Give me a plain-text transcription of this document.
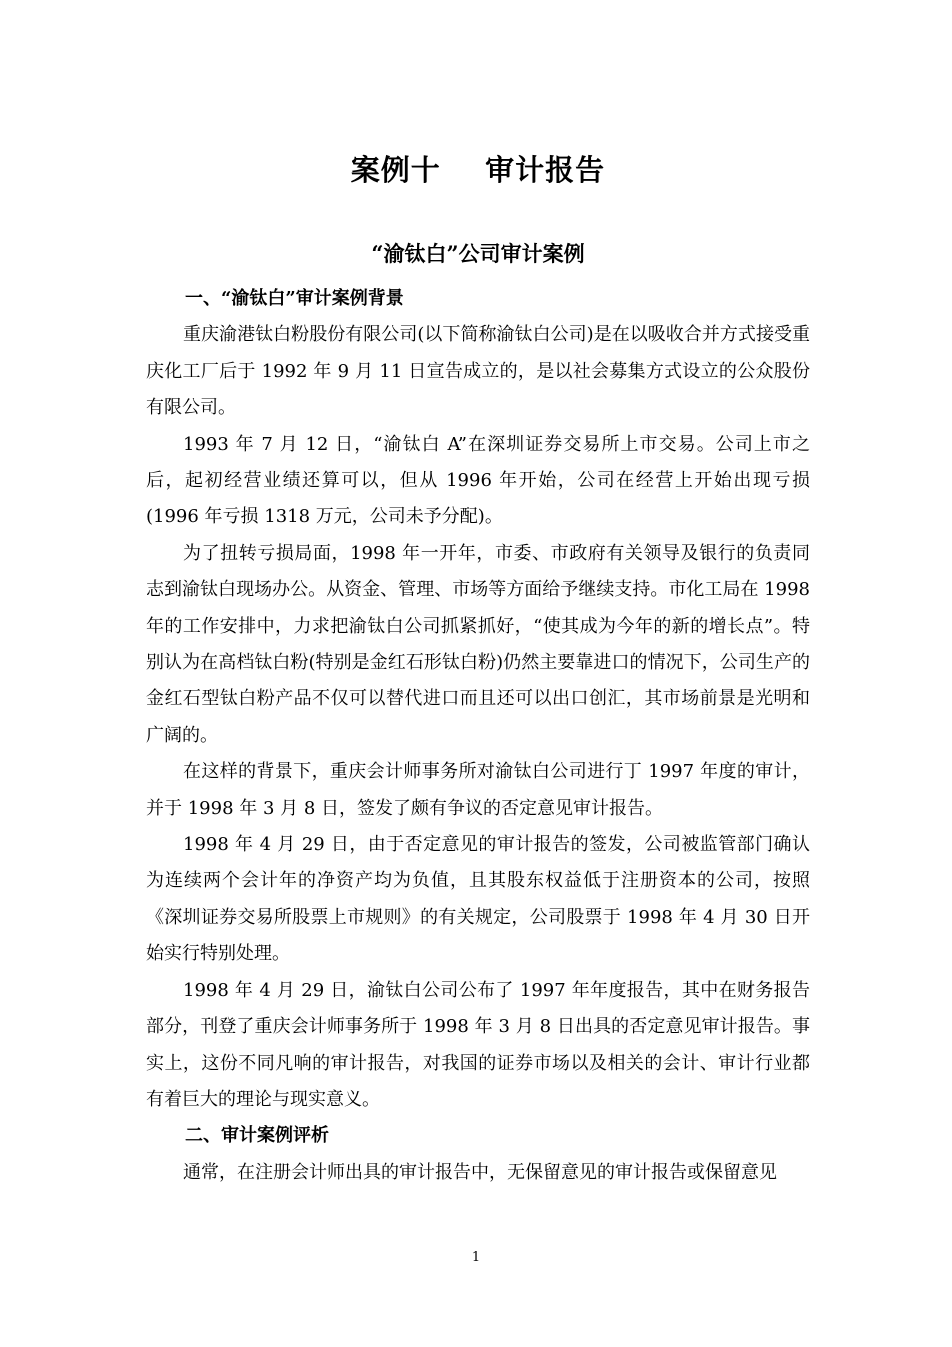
案例十    审计报告
“渝钛白”公司审计案例
一、“渝钛白”审计案例背景

重庆渝港钛白粉股份有限公司(以下简称渝钛白公司)是在以吸收合并方式接受重庆化工厂后于 1992 年 9 月 11 日宣告成立的，是以社会募集方式设立的公众股份有限公司。

1993 年 7 月 12 日，“渝钛白 A”在深圳证券交易所上市交易。公司上市之后，起初经营业绩还算可以，但从 1996 年开始，公司在经营上开始出现亏损(1996 年亏损 1318 万元，公司未予分配)。

为了扭转亏损局面，1998 年一开年，市委、市政府有关领导及银行的负责同志到渝钛白现场办公。从资金、管理、市场等方面给予继续支持。市化工局在 1998 年的工作安排中，力求把渝钛白公司抓紧抓好，“使其成为今年的新的增长点”。特别认为在高档钛白粉(特别是金红石形钛白粉)仍然主要靠进口的情况下，公司生产的金红石型钛白粉产品不仅可以替代进口而且还可以出口创汇，其市场前景是光明和广阔的。

在这样的背景下，重庆会计师事务所对渝钛白公司进行丁 1997 年度的审计，并于 1998 年 3 月 8 日，签发了颇有争议的否定意见审计报告。

1998 年 4 月 29 日，由于否定意见的审计报告的签发，公司被监管部门确认为连续两个会计年的净资产均为负值，且其股东权益低于注册资本的公司，按照《深圳证券交易所股票上市规则》的有关规定，公司股票于 1998 年 4 月 30 日开始实行特别处理。

1998 年 4 月 29 日，渝钛白公司公布了 1997 年年度报告，其中在财务报告部分，刊登了重庆会计师事务所于 1998 年 3 月 8 日出具的否定意见审计报告。事实上，这份不同凡响的审计报告，对我国的证券市场以及相关的会计、审计行业都有着巨大的理论与现实意义。

二、审计案例评析

通常，在注册会计师出具的审计报告中，无保留意见的审计报告或保留意见

1
